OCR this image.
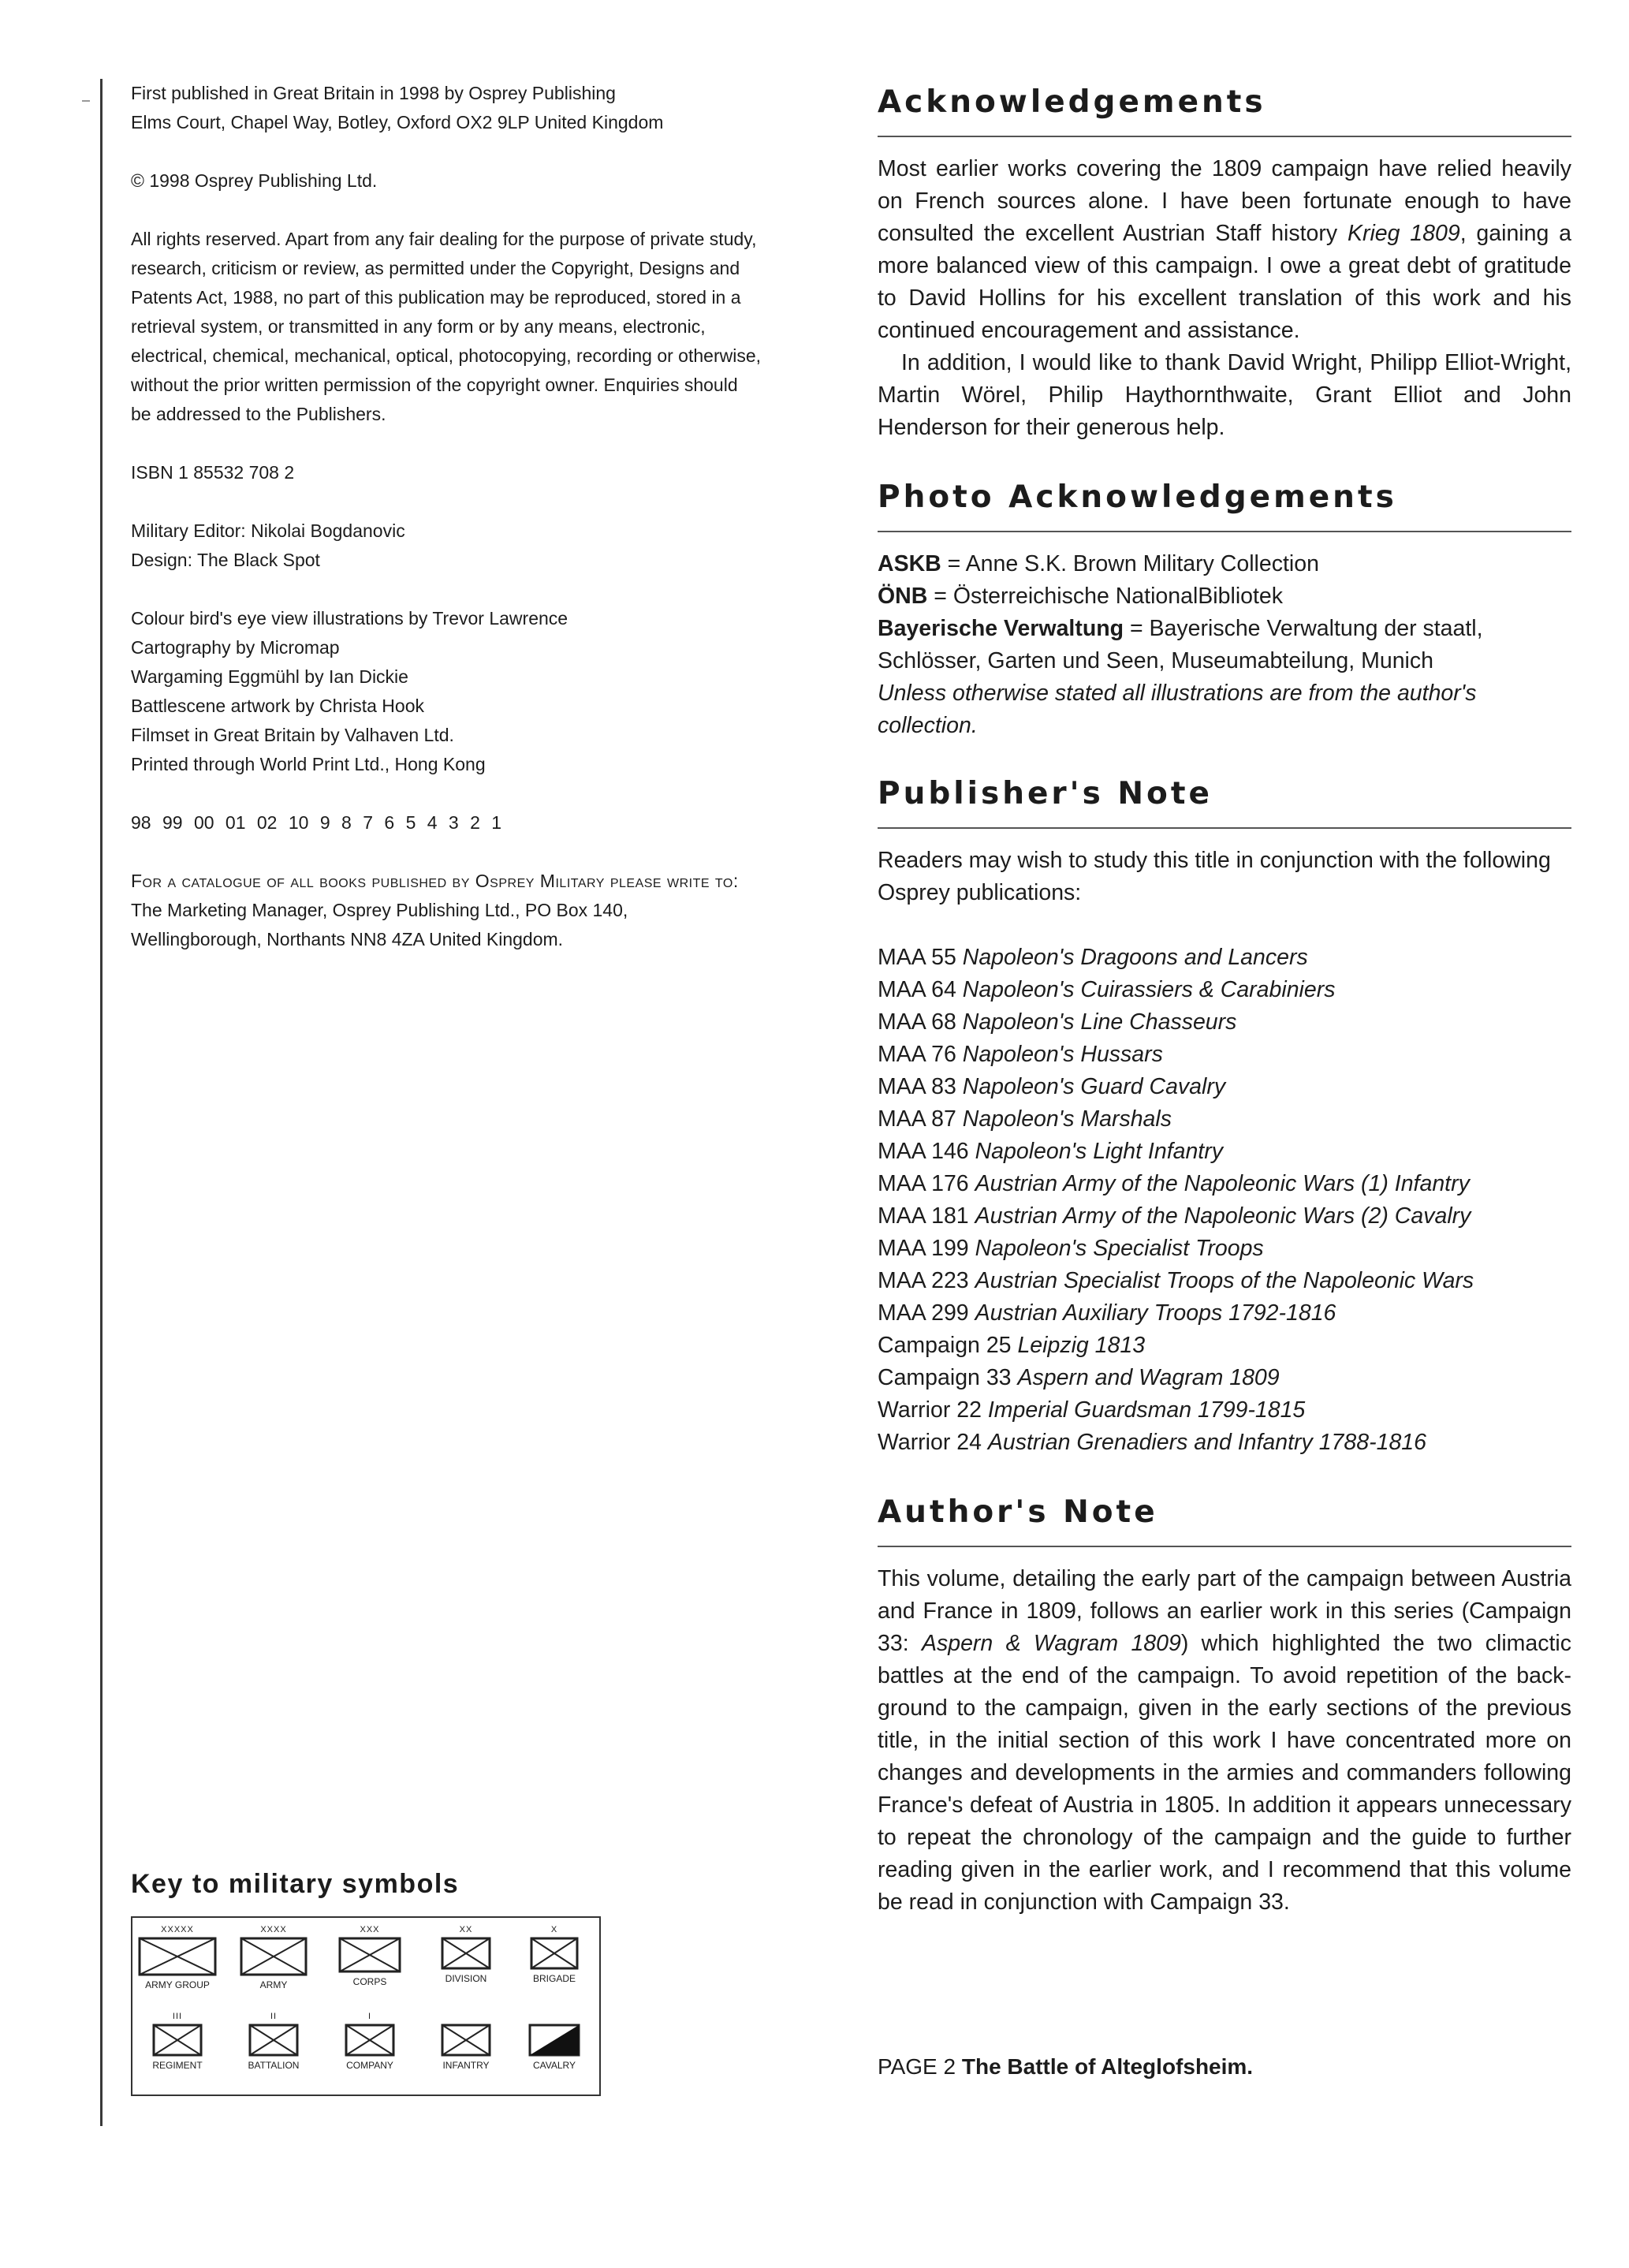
First published in Great Britain in 1998 by Osprey Publishing

Elms Court, Chapel Way, Botley, Oxford OX2 9LP United Kingdom

© 1998 Osprey Publishing Ltd.

All rights reserved. Apart from any fair dealing for the purpose of private study,

research, criticism or review, as permitted under the Copyright, Designs and

Patents Act, 1988, no part of this publication may be reproduced, stored in a

retrieval system, or transmitted in any form or by any means, electronic,

electrical, chemical, mechanical, optical, photocopying, recording or otherwise,

without the prior written permission of the copyright owner. Enquiries should

be addressed to the Publishers.

ISBN 1 85532 708 2

Military Editor: Nikolai Bogdanovic

Design: The Black Spot

Colour bird's eye view illustrations by Trevor Lawrence

Cartography by Micromap

Wargaming Eggmühl by Ian Dickie

Battlescene artwork by Christa Hook

Filmset in Great Britain by Valhaven Ltd.

Printed through World Print Ltd., Hong Kong

98 99 00 01 02 10 9 8 7 6 5 4 3 2 1

For a catalogue of all books published by Osprey Military please write to:

The Marketing Manager, Osprey Publishing Ltd., PO Box 140,

Wellingborough, Northants NN8 4ZA United Kingdom.

Key to military symbols
XXXXX
ARMY GROUP
XXXX
ARMY
XXX
CORPS
XX
DIVISION
X
BRIGADE
III
REGIMENT
II
BATTALION
I
COMPANY	INFANTRY	CAVALRY
Acknowledgements

Most earlier works covering the 1809 campaign have relied heavily on French sources alone. I have been fortunate enough to have consulted the excellent Austrian Staff history Krieg 1809, gaining a more balanced view of this campaign. I owe a great debt of gratitude to David Hollins for his excellent translation of this work and his continued encouragement and assistance.

In addition, I would like to thank David Wright, Philipp Elliot-Wright, Martin Wörel, Philip Haythornthwaite, Grant Elliot and John Henderson for their generous help.

Photo Acknowledgements

ASKB = Anne S.K. Brown Military Collection

ÖNB = Österreichische NationalBibliotek

Bayerische Verwaltung = Bayerische Verwaltung der staatl,

Schlösser, Garten und Seen, Museumabteilung, Munich

Unless otherwise stated all illustrations are from the author's

collection.

Publisher's Note

Readers may wish to study this title in conjunction with the following Osprey publications:

MAA 55 Napoleon's Dragoons and Lancers

MAA 64 Napoleon's Cuirassiers & Carabiniers

MAA 68 Napoleon's Line Chasseurs

MAA 76 Napoleon's Hussars

MAA 83 Napoleon's Guard Cavalry

MAA 87 Napoleon's Marshals

MAA 146 Napoleon's Light Infantry

MAA 176 Austrian Army of the Napoleonic Wars (1) Infantry

MAA 181 Austrian Army of the Napoleonic Wars (2) Cavalry

MAA 199 Napoleon's Specialist Troops

MAA 223 Austrian Specialist Troops of the Napoleonic Wars

MAA 299 Austrian Auxiliary Troops 1792-1816

Campaign 25 Leipzig 1813

Campaign 33 Aspern and Wagram 1809

Warrior 22 Imperial Guardsman 1799-1815

Warrior 24 Austrian Grenadiers and Infantry 1788-1816

Author's Note

This volume, detailing the early part of the campaign between Austria and France in 1809, follows an earlier work in this series (Campaign 33: Aspern & Wagram 1809) which highlighted the two climactic battles at the end of the campaign. To avoid repetition of the back-ground to the campaign, given in the early sections of the previous title, in the initial section of this work I have concentrated more on changes and developments in the armies and commanders following France's defeat of Austria in 1805. In addition it appears unnecessary to repeat the chronology of the campaign and the guide to further reading given in the earlier work, and I recommend that this volume be read in conjunction with Campaign 33.

PAGE 2 The Battle of Alteglofsheim.
